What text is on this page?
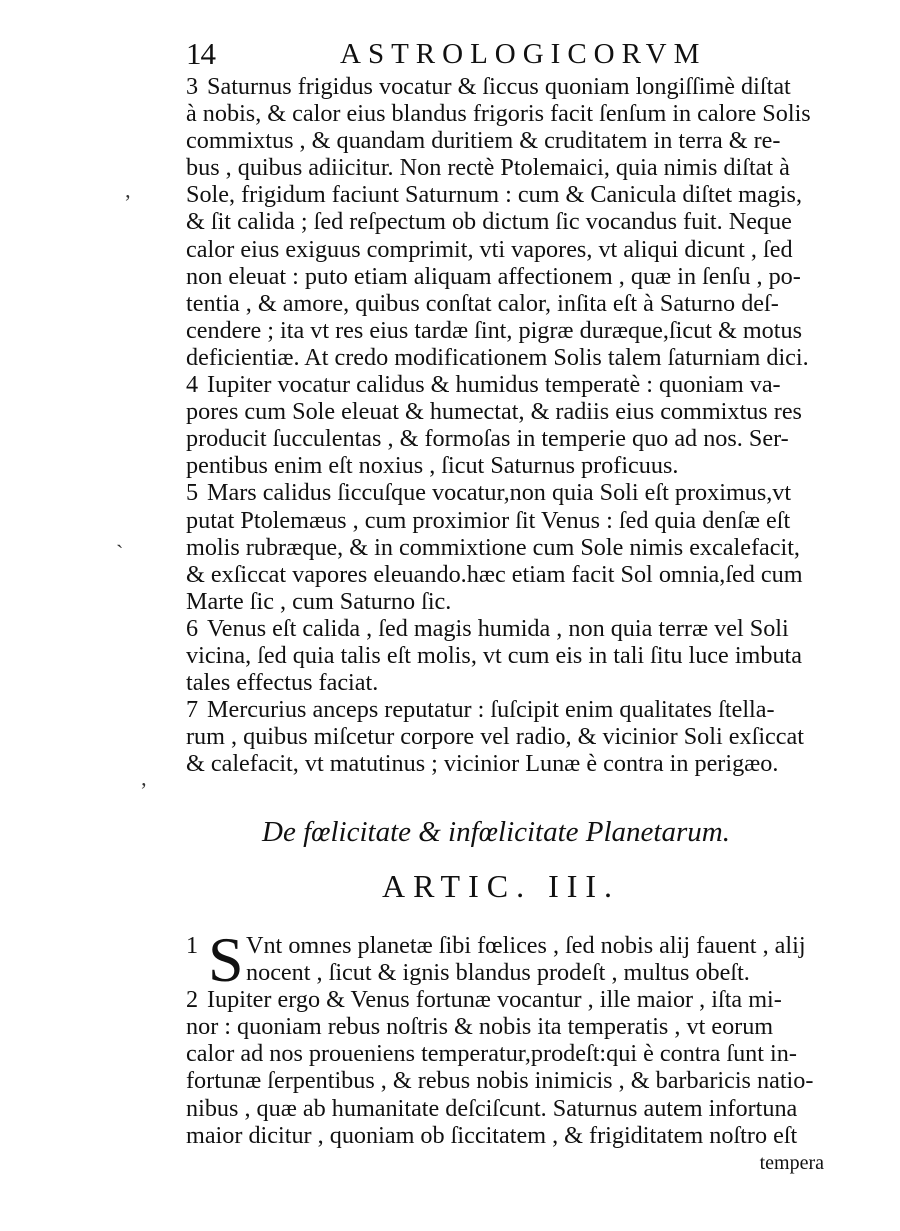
14	ASTROLOGICORVM

3 Saturnus frigidus vocatur & ſiccus quoniam longiſſimè diſtat
à nobis, & calor eius blandus frigoris facit ſenſum in calore Solis
commixtus , & quandam duritiem & cruditatem in terra & re-
bus , quibus adiicitur. Non rectè Ptolemaici, quia nimis diſtat à
Sole, frigidum faciunt Saturnum : cum & Canicula diſtet magis,
& ſit calida ; ſed reſpectum ob dictum ſic vocandus fuit. Neque
calor eius exiguus comprimit, vti vapores, vt aliqui dicunt , ſed
non eleuat : puto etiam aliquam affectionem , quæ in ſenſu , po-
tentia , & amore, quibus conſtat calor, inſita eſt à Saturno deſ-
cendere ; ita vt res eius tardæ ſint, pigræ duræque,ſicut & motus
deficientiæ. At credo modificationem Solis talem ſaturniam dici.

4 Iupiter vocatur calidus & humidus temperatè : quoniam va-
pores cum Sole eleuat & humectat, & radiis eius commixtus res
producit ſucculentas , & formoſas in temperie quo ad nos. Ser-
pentibus enim eſt noxius , ſicut Saturnus proficuus.

5 Mars calidus ſiccuſque vocatur,non quia Soli eſt proximus,vt
putat Ptolemæus , cum proximior ſit Venus : ſed quia denſæ eſt
molis rubræque, & in commixtione cum Sole nimis excalefacit,
& exſiccat vapores eleuando.hæc etiam facit Sol omnia,ſed cum
Marte ſic , cum Saturno ſic.

6 Venus eſt calida , ſed magis humida , non quia terræ vel Soli
vicina, ſed quia talis eſt molis, vt cum eis in tali ſitu luce imbuta
tales effectus faciat.

7 Mercurius anceps reputatur : ſuſcipit enim qualitates ſtella-
rum , quibus miſcetur corpore vel radio, & vicinior Soli exſiccat
& calefacit, vt matutinus ; vicinior Lunæ è contra in perigæo.

De fœlicitate & infœlicitate Planetarum.
ARTIC. III.
S

1 Vnt omnes planetæ ſibi fœlices , ſed nobis alij fauent , alij
nocent , ſicut & ignis blandus prodeſt , multus obeſt.

2 Iupiter ergo & Venus fortunæ vocantur , ille maior , iſta mi-
nor : quoniam rebus noſtris & nobis ita temperatis , vt eorum
calor ad nos proueniens temperatur,prodeſt:qui è contra ſunt in-
fortunæ ſerpentibus , & rebus nobis inimicis , & barbaricis natio-
nibus , quæ ab humanitate deſciſcunt. Saturnus autem infortuna
maior dicitur , quoniam ob ſiccitatem , & frigiditatem noſtro eſt

tempera
ʼ
ˋ
ʼ
